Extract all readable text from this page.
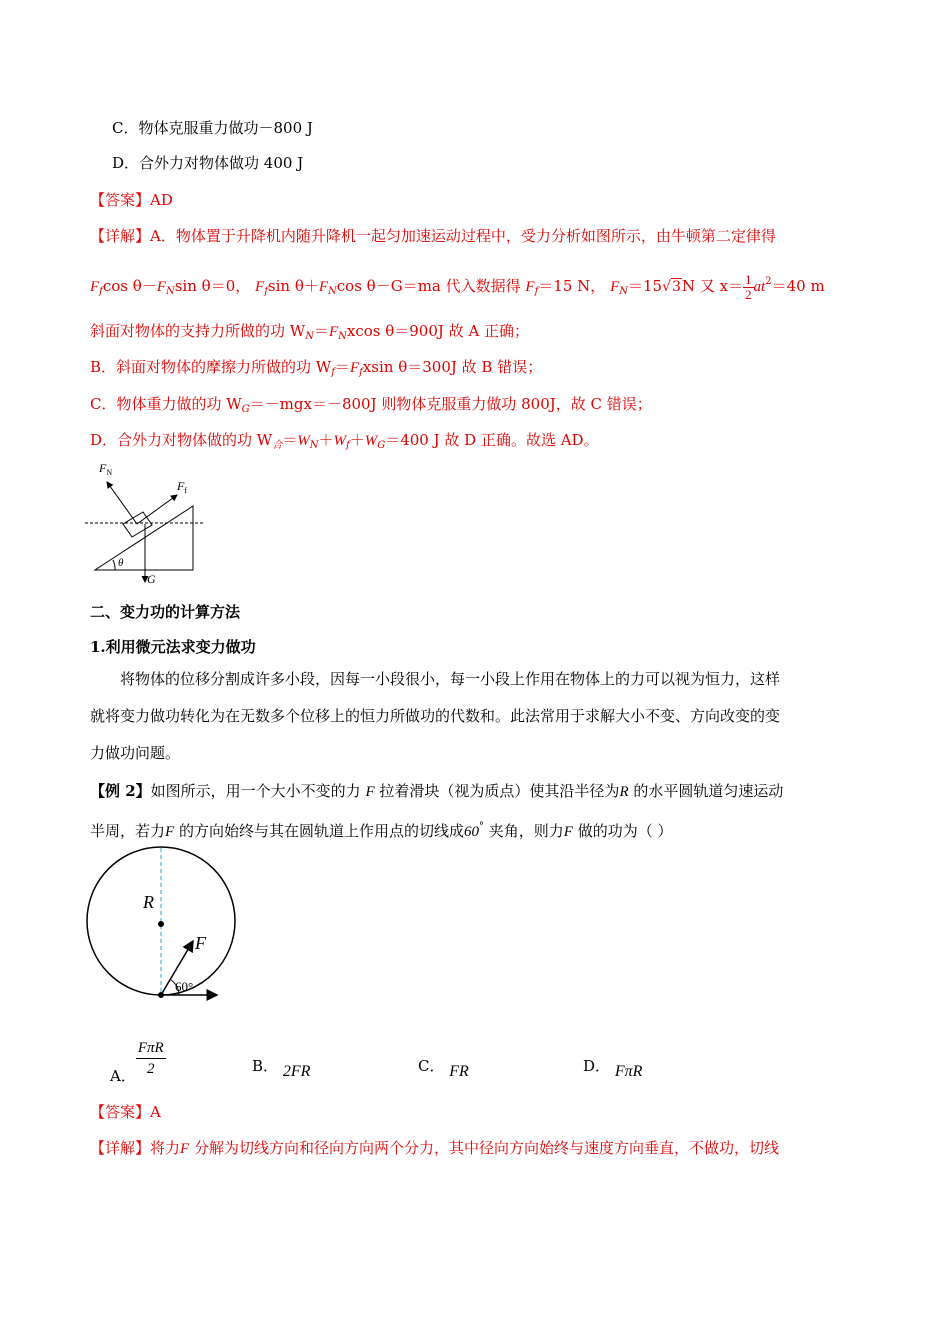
C．物体克服重力做功－800 J
D．合外力对物体做功 400 J
【答案】AD
【详解】A．物体置于升降机内随升降机一起匀加速运动过程中，受力分析如图所示，由牛顿第二定律得
$F_f\cos$ $\theta-F_N\sin$ θ＝0， $F_f\sin$ $\theta+F_N\cos$ θ－G＝ma 代入数据得 $F_f=15$ N， $F_N=15√3N$ 又 $x= \frac{1}{2} at^2=40$ m
斜面对物体的支持力所做的功 $W_N=F_Nxcos$ θ＝900J 故 A 正确；
B．斜面对物体的摩擦力所做的功 $W_f=F_fxsin$ θ＝300J 故 B 错误；
C．物体重力做的功 $W_G=-mgx=-800J$ 则物体克服重力做功 800J，故 C 错误；
D．合外力对物体做的功 $W_合=W_N+W_f+W_G=400$ J 故 D 正确。故选 AD。
$F_N$
$F_f$
θ
G
二、变力功的计算方法
1.利用微元法求变力做功
将物体的位移分割成许多小段，因每一小段很小，每一小段上作用在物体上的力可以视为恒力，这样
就将变力做功转化为在无数多个位移上的恒力所做功的代数和。此法常用于求解大小不变、方向改变的变
力做功问题。
【例 2】如图所示，用一个大小不变的力 F 拉着滑块（视为质点）使其沿半径为R 的水平圆轨道匀速运动
半周，若力F 的方向始终与其在圆轨道上作用点的切线成60° 夹角，则力F 做的功为（ ）
R
F
60°
A． $\frac{\text{FπR}}{2}$	B． 2FR	C． FR	D． FπR
【答案】A
【详解】将力F 分解为切线方向和径向方向两个分力，其中径向方向始终与速度方向垂直，不做功，切线
